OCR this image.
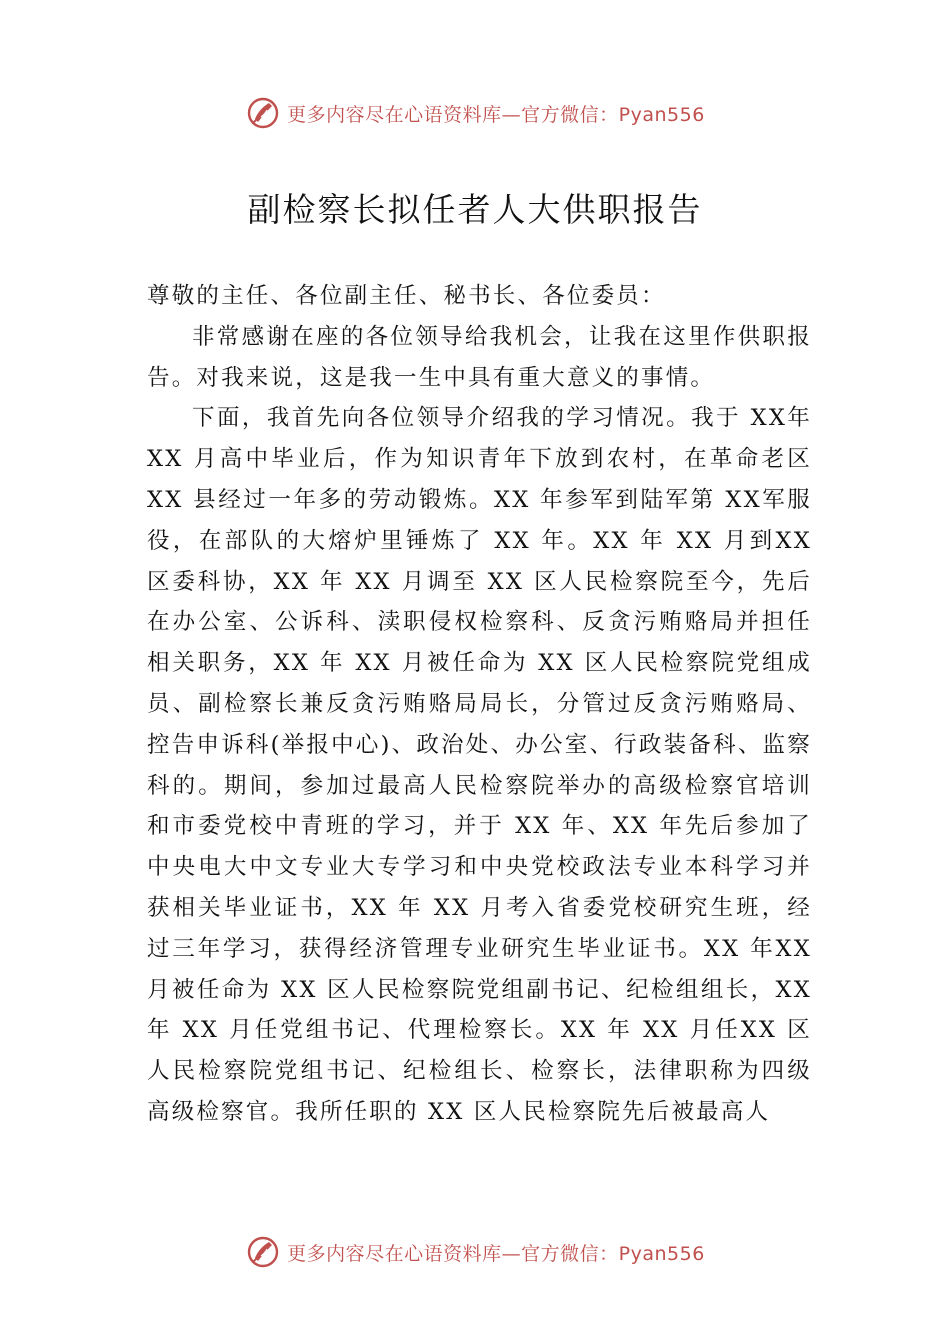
更多内容尽在心语资料库—官方微信：Pyan556
副检察长拟任者人大供职报告

尊敬的主任、各位副主任、秘书长、各位委员：

非常感谢在座的各位领导给我机会，让我在这里作供职报告。对我来说，这是我一生中具有重大意义的事情。

下面，我首先向各位领导介绍我的学习情况。我于 XX年 XX 月高中毕业后，作为知识青年下放到农村，在革命老区 XX 县经过一年多的劳动锻炼。XX 年参军到陆军第 XX军服役，在部队的大熔炉里锤炼了 XX 年。XX 年 XX 月到XX 区委科协，XX 年 XX 月调至 XX 区人民检察院至今，先后在办公室、公诉科、渎职侵权检察科、反贪污贿赂局并担任相关职务，XX 年 XX 月被任命为 XX 区人民检察院党组成员、副检察长兼反贪污贿赂局局长，分管过反贪污贿赂局、控告申诉科(举报中心)、政治处、办公室、行政装备科、监察科的。期间，参加过最高人民检察院举办的高级检察官培训和市委党校中青班的学习，并于 XX 年、XX 年先后参加了中央电大中文专业大专学习和中央党校政法专业本科学习并获相关毕业证书，XX 年 XX 月考入省委党校研究生班，经过三年学习，获得经济管理专业研究生毕业证书。XX 年XX 月被任命为 XX 区人民检察院党组副书记、纪检组组长，XX 年 XX 月任党组书记、代理检察长。XX 年 XX 月任XX 区人民检察院党组书记、纪检组长、检察长，法律职称为四级高级检察官。我所任职的 XX 区人民检察院先后被最高人

更多内容尽在心语资料库—官方微信：Pyan556
